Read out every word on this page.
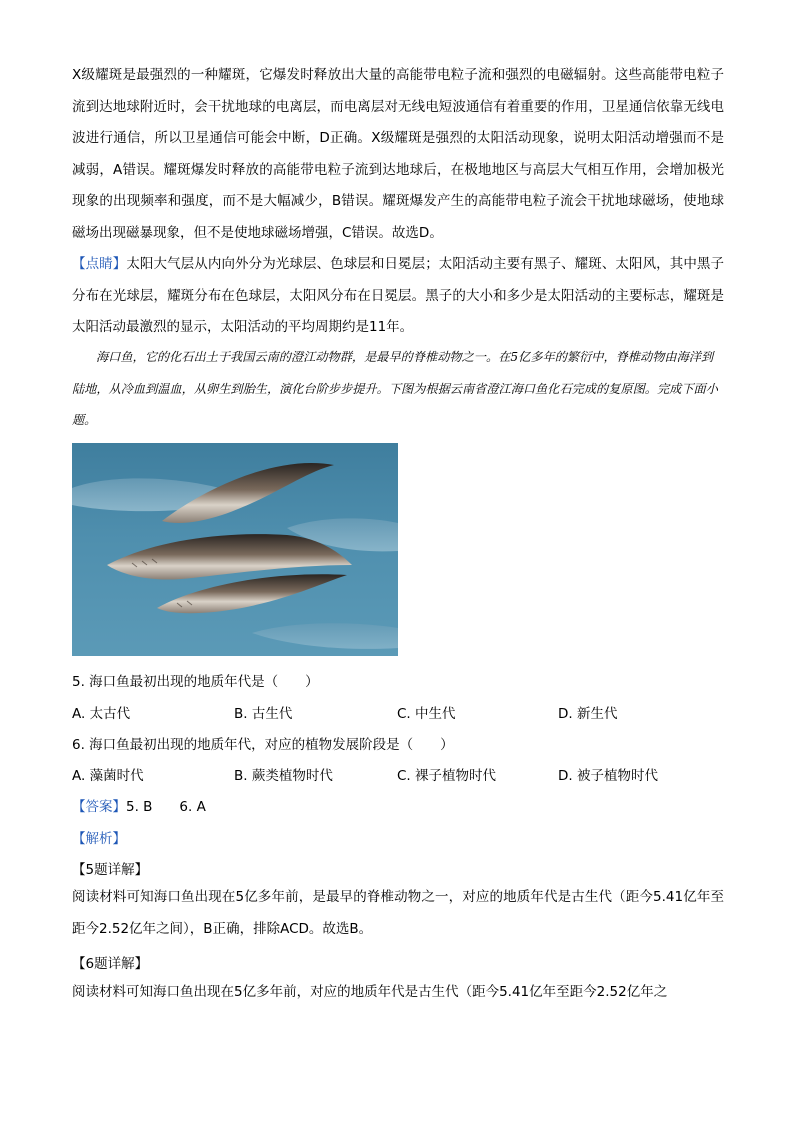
X级耀斑是最强烈的一种耀斑，它爆发时释放出大量的高能带电粒子流和强烈的电磁辐射。这些高能带电粒子流到达地球附近时，会干扰地球的电离层，而电离层对无线电短波通信有着重要的作用，卫星通信依靠无线电波进行通信，所以卫星通信可能会中断，D正确。X级耀斑是强烈的太阳活动现象，说明太阳活动增强而不是减弱，A错误。耀斑爆发时释放的高能带电粒子流到达地球后，在极地地区与高层大气相互作用，会增加极光现象的出现频率和强度，而不是大幅减少，B错误。耀斑爆发产生的高能带电粒子流会干扰地球磁场，使地球磁场出现磁暴现象，但不是使地球磁场增强，C错误。故选D。

【点睛】太阳大气层从内向外分为光球层、色球层和日冕层；太阳活动主要有黑子、耀斑、太阳风，其中黑子分布在光球层，耀斑分布在色球层，太阳风分布在日冕层。黑子的大小和多少是太阳活动的主要标志，耀斑是太阳活动最激烈的显示，太阳活动的平均周期约是11年。

海口鱼，它的化石出土于我国云南的澄江动物群，是最早的脊椎动物之一。在5亿多年的繁衍中，脊椎动物由海洋到陆地，从冷血到温血，从卵生到胎生，演化台阶步步提升。下图为根据云南省澄江海口鱼化石完成的复原图。完成下面小题。

5. 海口鱼最初出现的地质年代是（　　）
A. 太古代	B. 古生代	C. 中生代	D. 新生代
6. 海口鱼最初出现的地质年代，对应的植物发展阶段是（　　）
A. 藻菌时代	B. 蕨类植物时代	C. 裸子植物时代	D. 被子植物时代
【答案】5. B　　6. A
【解析】
【5题详解】

阅读材料可知海口鱼出现在5亿多年前，是最早的脊椎动物之一，对应的地质年代是古生代（距今5.41亿年至距今2.52亿年之间），B正确，排除ACD。故选B。

【6题详解】

阅读材料可知海口鱼出现在5亿多年前，对应的地质年代是古生代（距今5.41亿年至距今2.52亿年之
